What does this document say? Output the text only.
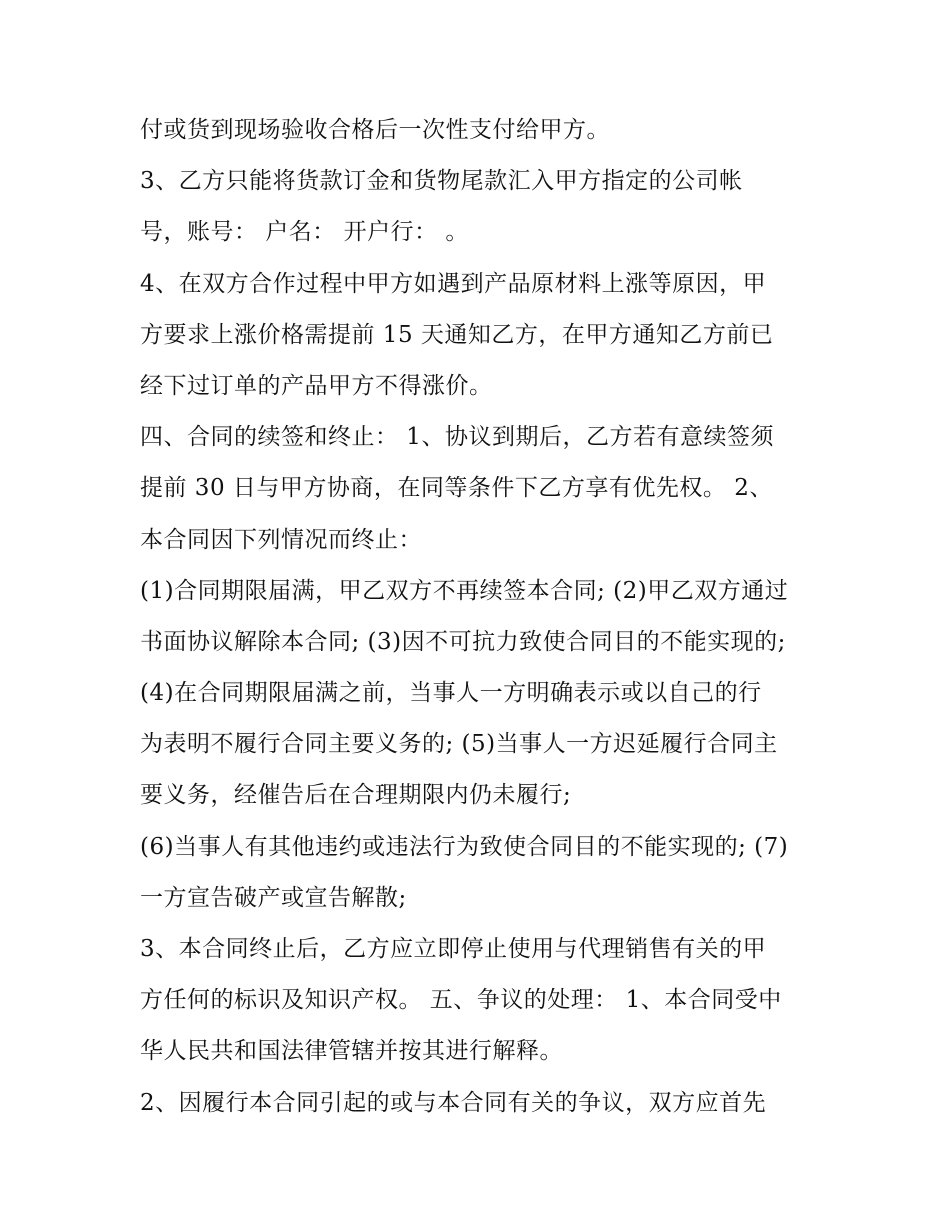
付或货到现场验收合格后一次性支付给甲方。
3、乙方只能将货款订金和货物尾款汇入甲方指定的公司帐
号，账号： 户名： 开户行： 。
4、在双方合作过程中甲方如遇到产品原材料上涨等原因，甲
方要求上涨价格需提前 15 天通知乙方，在甲方通知乙方前已
经下过订单的产品甲方不得涨价。
四、合同的续签和终止： 1、协议到期后，乙方若有意续签须
提前 30 日与甲方协商，在同等条件下乙方享有优先权。 2、
本合同因下列情况而终止：
(1)合同期限届满，甲乙双方不再续签本合同; (2)甲乙双方通过
书面协议解除本合同; (3)因不可抗力致使合同目的不能实现的;
(4)在合同期限届满之前，当事人一方明确表示或以自己的行
为表明不履行合同主要义务的; (5)当事人一方迟延履行合同主
要义务，经催告后在合理期限内仍未履行;
(6)当事人有其他违约或违法行为致使合同目的不能实现的; (7)
一方宣告破产或宣告解散;
3、本合同终止后，乙方应立即停止使用与代理销售有关的甲
方任何的标识及知识产权。 五、争议的处理： 1、本合同受中
华人民共和国法律管辖并按其进行解释。
2、因履行本合同引起的或与本合同有关的争议，双方应首先
